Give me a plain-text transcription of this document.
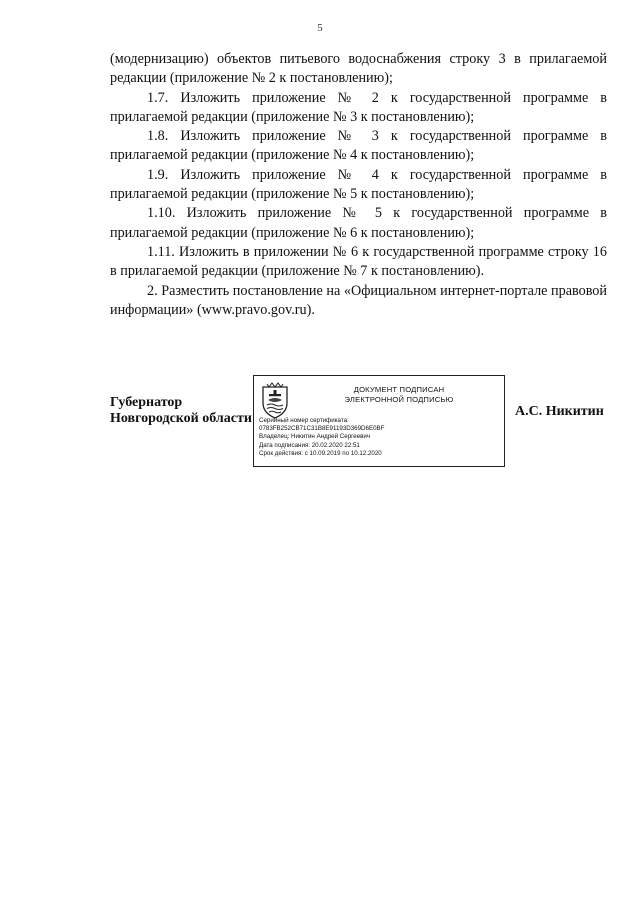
5

(модернизацию) объектов питьевого водоснабжения строку 3 в прилагаемой редакции (приложение № 2 к постановлению);

1.7. Изложить приложение № 2 к государственной программе в прилагаемой редакции (приложение № 3 к постановлению);

1.8. Изложить приложение № 3 к государственной программе в прилагаемой редакции (приложение № 4 к постановлению);

1.9. Изложить приложение № 4 к государственной программе в прилагаемой редакции (приложение № 5 к постановлению);

1.10. Изложить приложение № 5 к государственной программе в прилагаемой редакции (приложение № 6 к постановлению);

1.11. Изложить в приложении № 6 к государственной программе строку 16 в прилагаемой редакции (приложение № 7 к постановлению).

2. Разместить постановление на «Официальном интернет-портале правовой информации» (www.pravo.gov.ru).

Губернатор
Новгородской области
ДОКУМЕНТ ПОДПИСАН
ЭЛЕКТРОННОЙ ПОДПИСЬЮ
Серийный номер сертификата:
0783FB252CB71C31B8E91193D369D6E0BF
Владелец: Никитин Андрей Сергеевич
Дата подписания: 20.02.2020 22:51
Срок действия: с 10.09.2019 по 10.12.2020
А.С. Никитин
